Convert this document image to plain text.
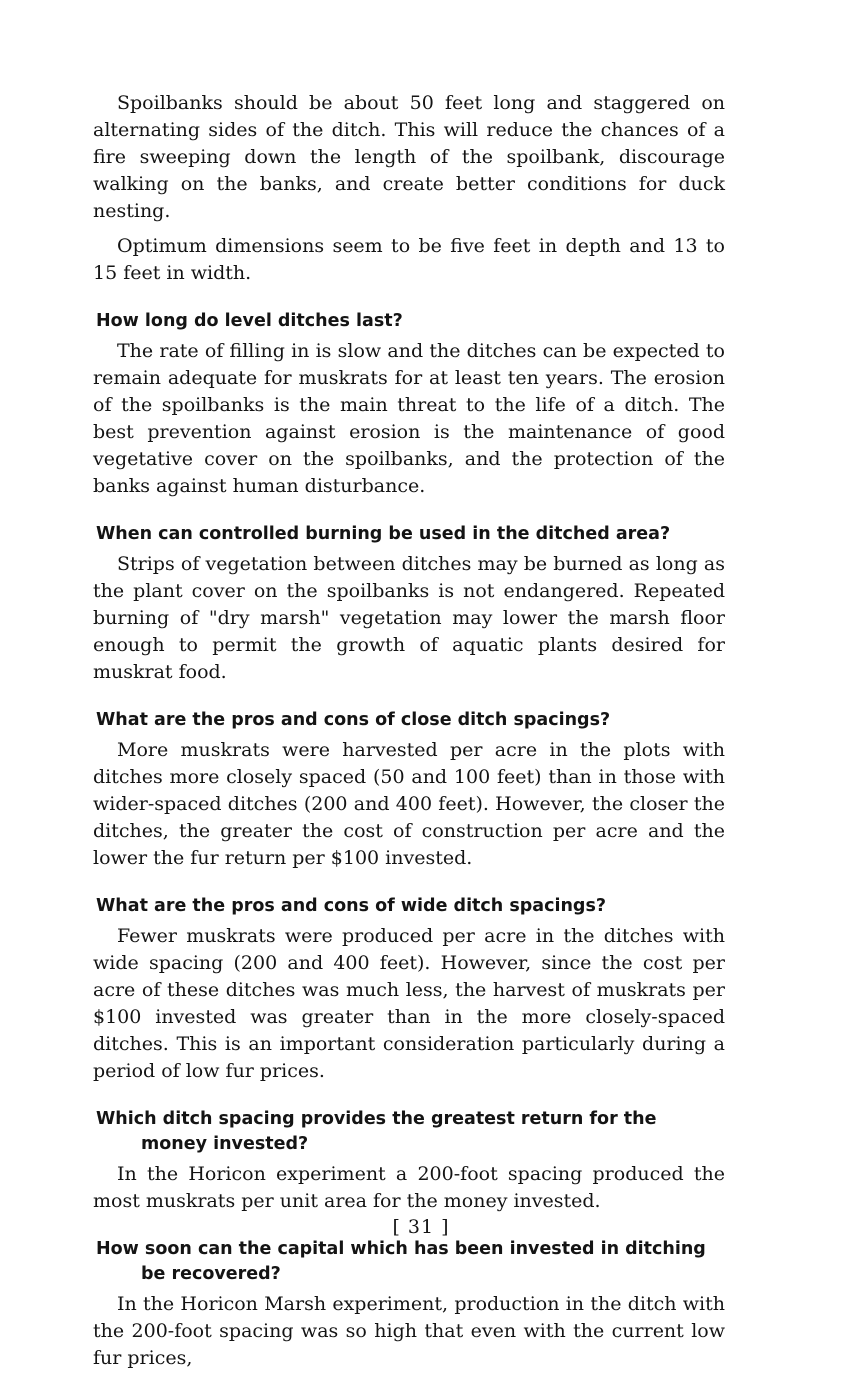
Spoilbanks should be about 50 feet long and staggered on alternating sides of the ditch. This will reduce the chances of a fire sweeping down the length of the spoilbank, discourage walking on the banks, and create better conditions for duck nesting.

Optimum dimensions seem to be five feet in depth and 13 to 15 feet in width.

How long do level ditches last?

The rate of filling in is slow and the ditches can be expected to remain adequate for muskrats for at least ten years. The erosion of the spoilbanks is the main threat to the life of a ditch. The best prevention against erosion is the maintenance of good vegetative cover on the spoilbanks, and the protection of the banks against human disturbance.

When can controlled burning be used in the ditched area?

Strips of vegetation between ditches may be burned as long as the plant cover on the spoilbanks is not endangered. Repeated burning of "dry marsh" vegetation may lower the marsh floor enough to permit the growth of aquatic plants desired for muskrat food.

What are the pros and cons of close ditch spacings?

More muskrats were harvested per acre in the plots with ditches more closely spaced (50 and 100 feet) than in those with wider-spaced ditches (200 and 400 feet). However, the closer the ditches, the greater the cost of construction per acre and the lower the fur return per $100 invested.

What are the pros and cons of wide ditch spacings?

Fewer muskrats were produced per acre in the ditches with wide spacing (200 and 400 feet). However, since the cost per acre of these ditches was much less, the harvest of muskrats per $100 invested was greater than in the more closely-spaced ditches. This is an important consideration particularly during a period of low fur prices.

Which ditch spacing provides the greatest return for the money invested?

In the Horicon experiment a 200-foot spacing produced the most muskrats per unit area for the money invested.

How soon can the capital which has been invested in ditching be recovered?

In the Horicon Marsh experiment, production in the ditch with the 200-foot spacing was so high that even with the current low fur prices,

[ 31 ]
